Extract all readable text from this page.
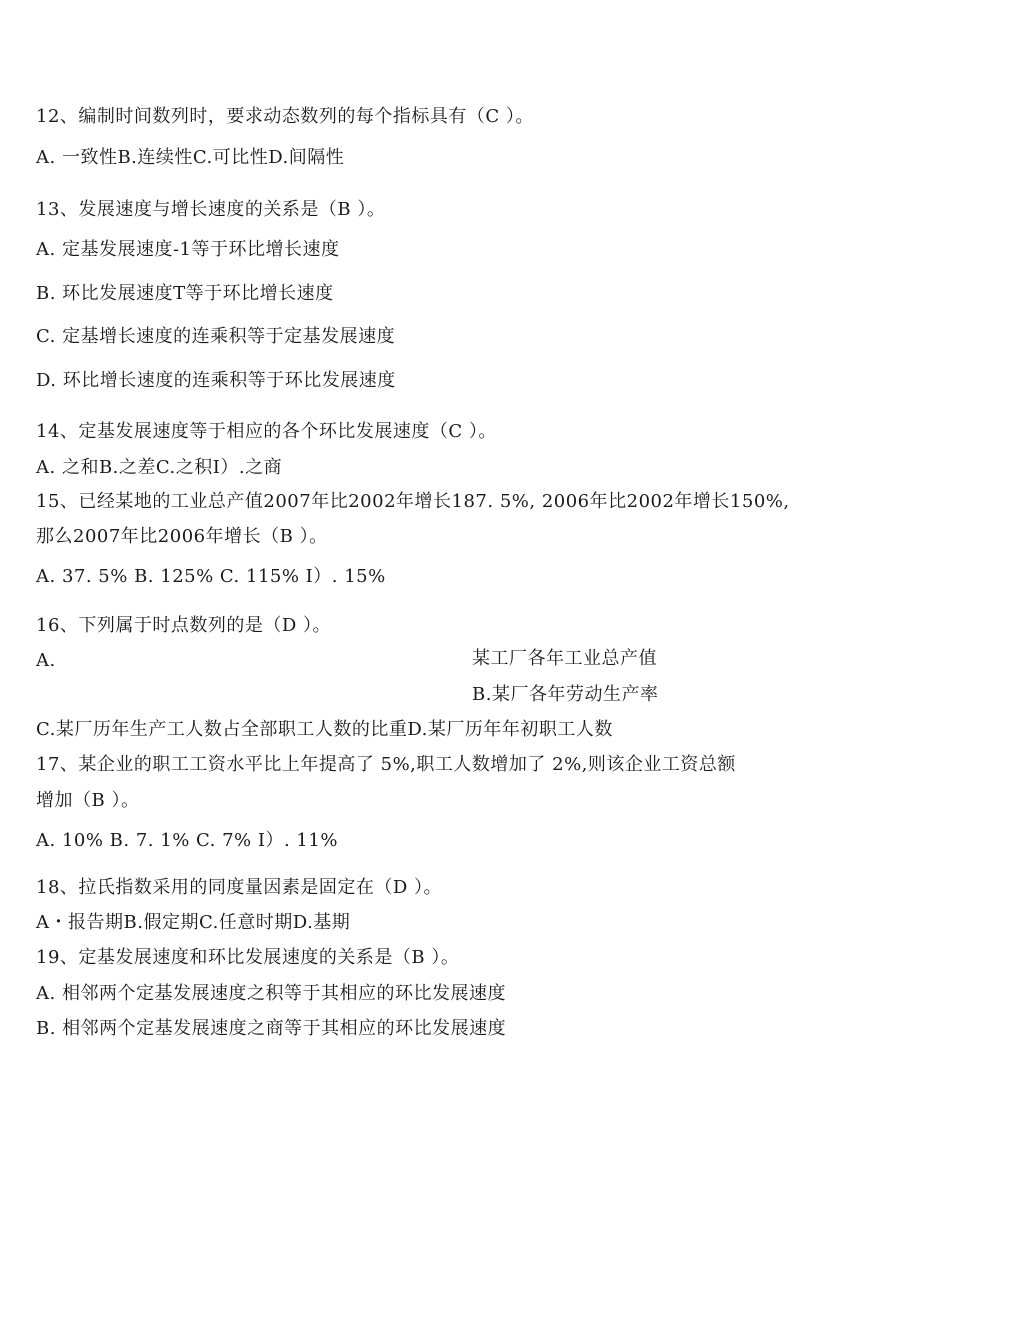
12、编制时间数列时，要求动态数列的每个指标具有（C ）。
A. 一致性B.连续性C.可比性D.间隔性
13、发展速度与增长速度的关系是（B ）。
A. 定基发展速度-1等于环比增长速度
B. 环比发展速度T等于环比增长速度
C. 定基增长速度的连乘积等于定基发展速度
D. 环比增长速度的连乘积等于环比发展速度
14、定基发展速度等于相应的各个环比发展速度（C ）。
A. 之和B.之差C.之积I）.之商
15、已经某地的工业总产值2007年比2002年增长187. 5%, 2006年比2002年增长150%,
那么2007年比2006年增长（B ）。
A. 37. 5% B. 125% C. 115% I）. 15%
16、下列属于时点数列的是（D ）。
A.	某工厂各年工业总产值
B.某厂各年劳动生产率
C.某厂历年生产工人数占全部职工人数的比重D.某厂历年年初职工人数
17、某企业的职工工资水平比上年提高了 5%,职工人数增加了 2%,则该企业工资总额
增加（B ）。
A. 10% B. 7. 1% C. 7% I）. 11%
18、拉氏指数采用的同度量因素是固定在（D ）。
A・报告期B.假定期C.任意时期D.基期
19、定基发展速度和环比发展速度的关系是（B ）。
A. 相邻两个定基发展速度之积等于其相应的环比发展速度
B. 相邻两个定基发展速度之商等于其相应的环比发展速度
